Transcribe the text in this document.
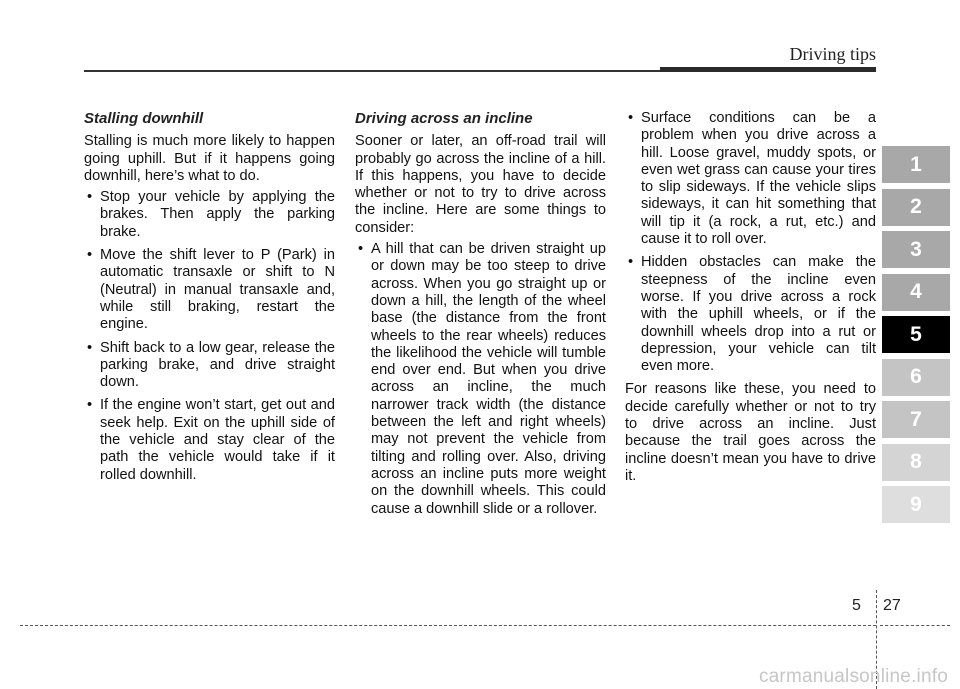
Driving tips
Stalling downhill

Stalling is much more likely to happen going uphill. But if it happens going downhill, here’s what to do.

• Stop your vehicle by applying the brakes. Then apply the parking brake.
• Move the shift lever to P (Park) in automatic transaxle or shift to N (Neutral) in manual transaxle and, while still braking, restart the engine.
• Shift back to a low gear, release the parking brake, and drive straight down.
• If the engine won’t start, get out and seek help. Exit on the uphill side of the vehicle and stay clear of the path the vehicle would take if it rolled downhill.
Driving across an incline

Sooner or later, an off-road trail will probably go across the incline of a hill. If this happens, you have to decide whether or not to try to drive across the incline. Here are some things to consider:

• A hill that can be driven straight up or down may be too steep to drive across. When you go straight up or down a hill, the length of the wheel base (the distance from the front wheels to the rear wheels) reduces the likelihood the vehicle will tumble end over end. But when you drive across an incline, the much narrower track width (the distance between the left and right wheels) may not prevent the vehicle from tilting and rolling over. Also, driving across an incline puts more weight on the downhill wheels. This could cause a downhill slide or a rollover.
• Surface conditions can be a problem when you drive across a hill. Loose gravel, muddy spots, or even wet grass can cause your tires to slip sideways. If the vehicle slips sideways, it can hit something that will tip it (a rock, a rut, etc.) and cause it to roll over.
• Hidden obstacles can make the steepness of the incline even worse. If you drive across a rock with the uphill wheels, or if the downhill wheels drop into a rut or depression, your vehicle can tilt even more.

For reasons like these, you need to decide carefully whether or not to try to drive across an incline. Just because the trail goes across the incline doesn’t mean you have to drive it.

1
2
3
4
5
6
7
8
9
5 27
carmanualsonline.info
